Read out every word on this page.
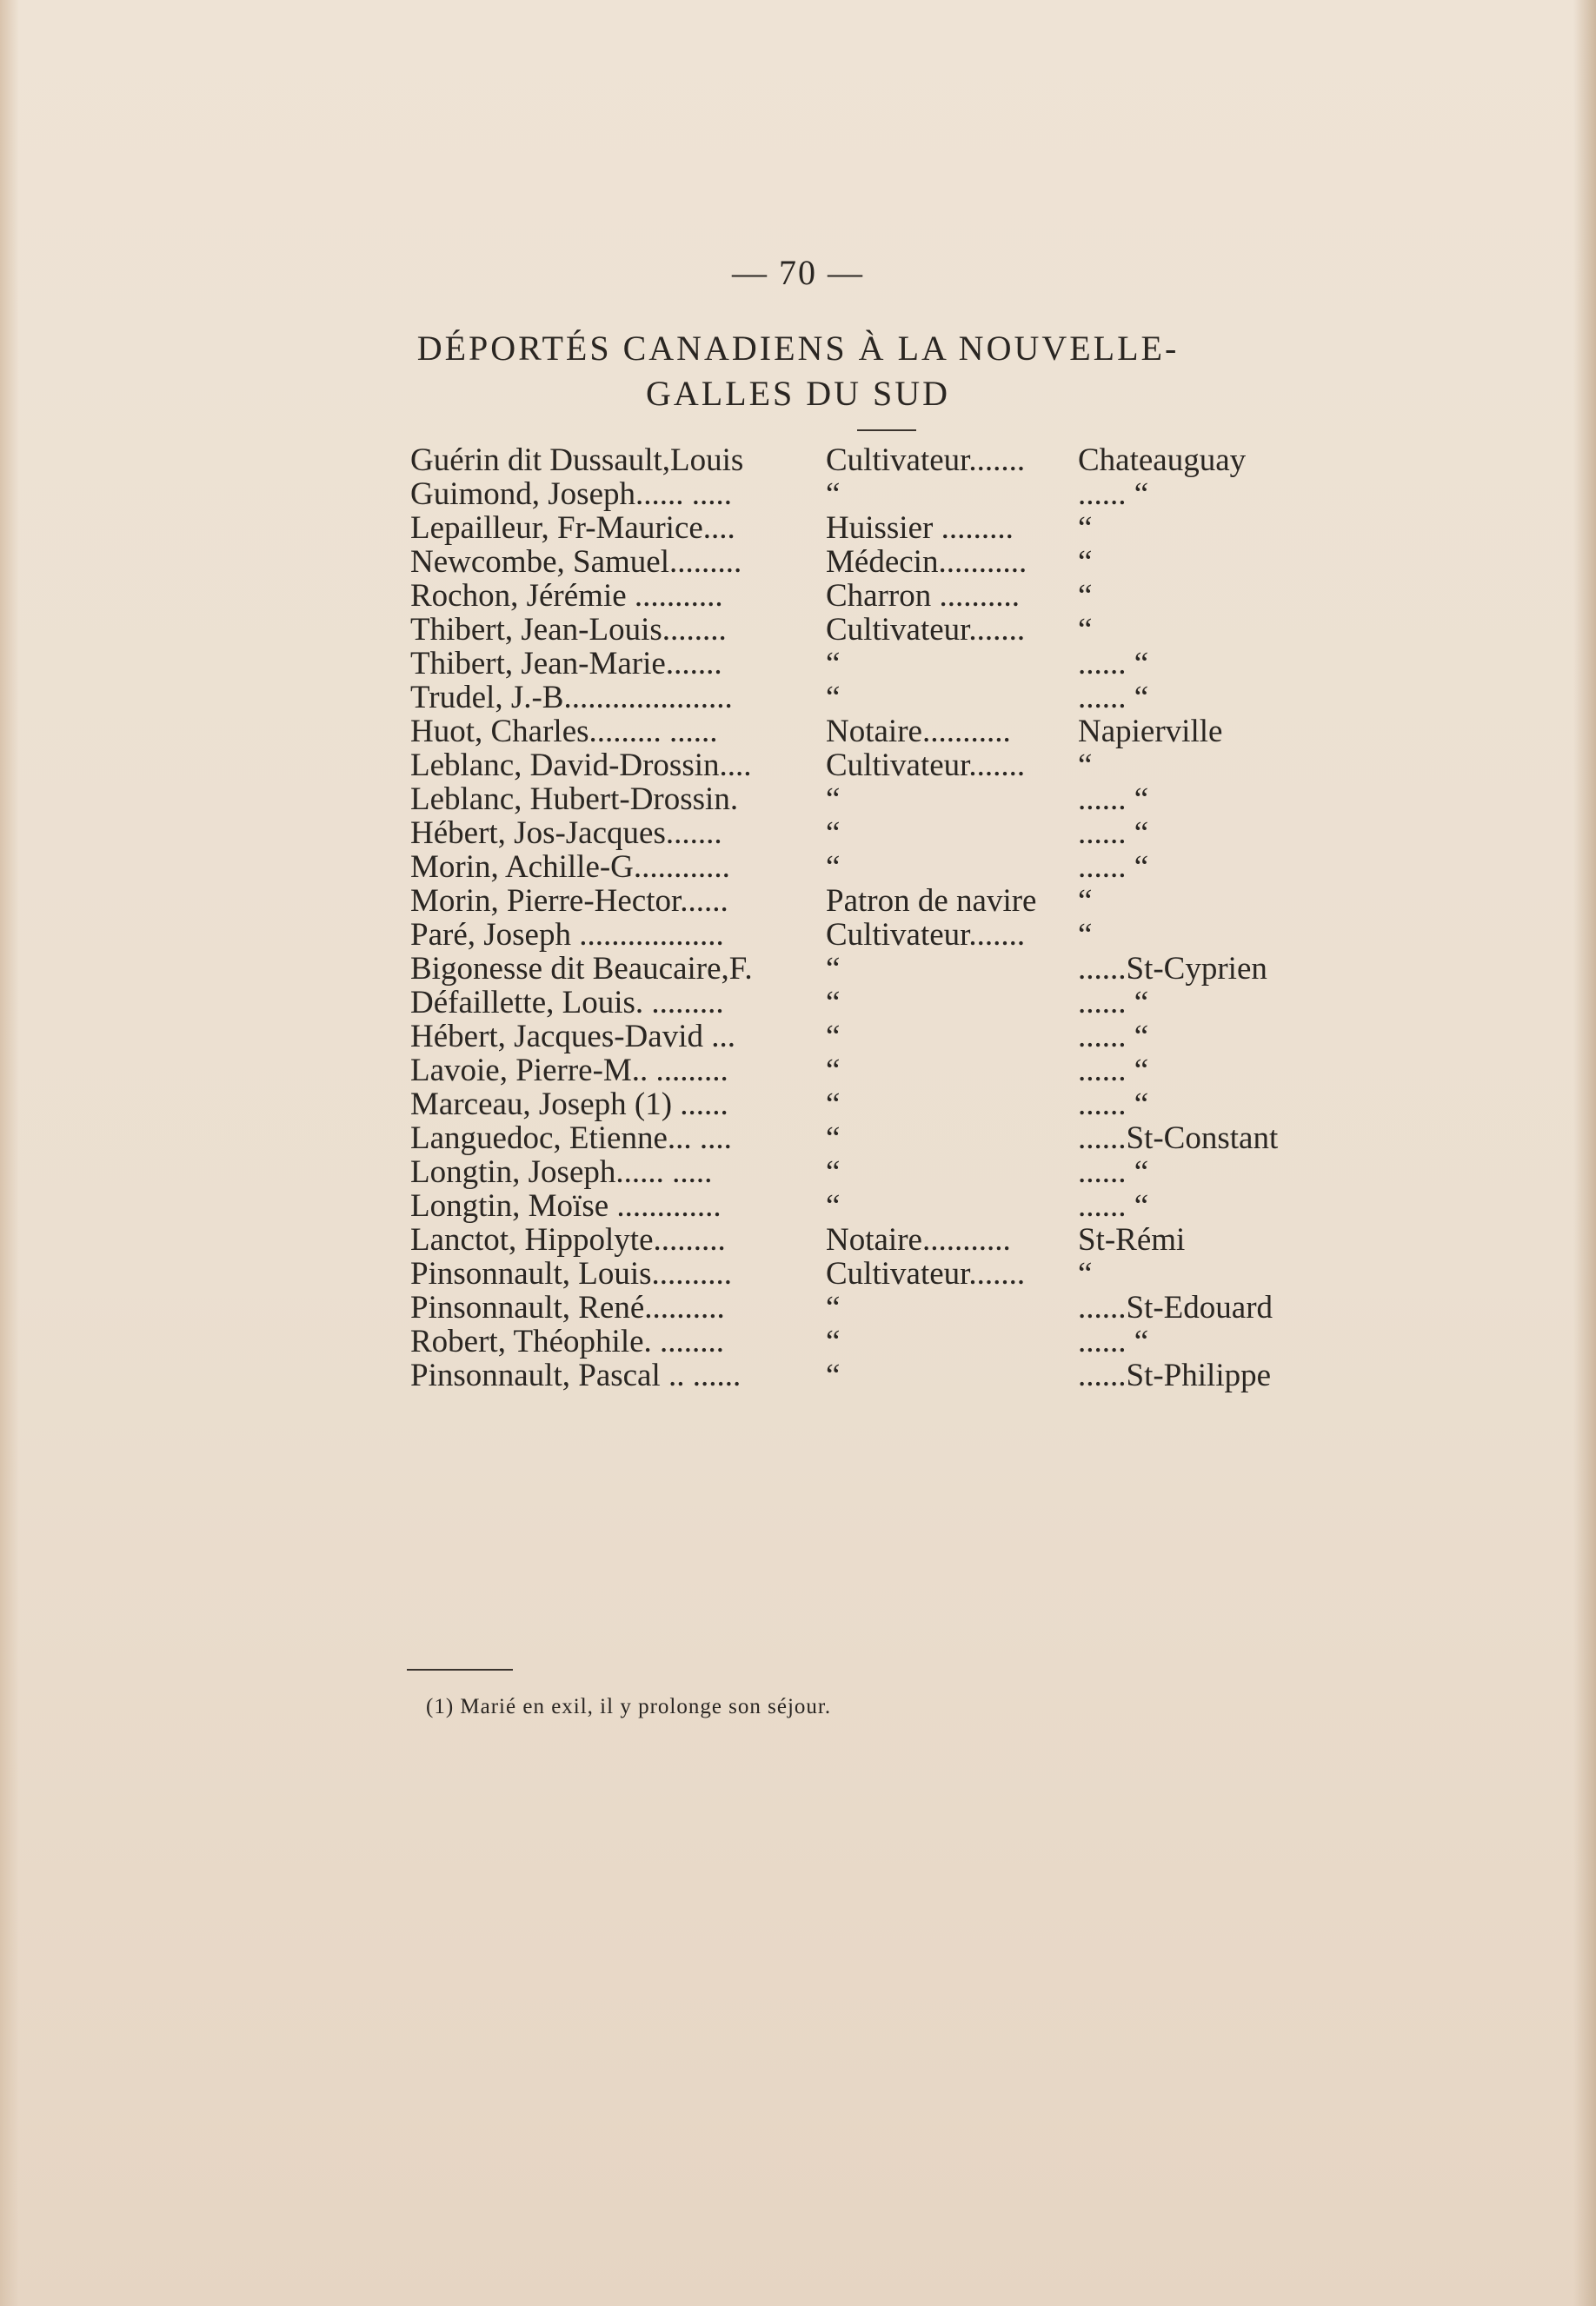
— 70 —
DÉPORTÉS CANADIENS À LA NOUVELLE-
GALLES DU SUD
Guérin dit Dussault,Louis	Cultivateur.......	Chateauguay
Guimond, Joseph...... .....	“	...... “
Lepailleur, Fr-Maurice....	Huissier .........	“
Newcombe, Samuel.........	Médecin...........	“
Rochon, Jérémie ...........	Charron ..........	“
Thibert, Jean-Louis........	Cultivateur.......	“
Thibert, Jean-Marie.......	“	...... “
Trudel, J.-B.....................	“	...... “
Huot, Charles......... ......	Notaire...........	Napierville
Leblanc, David-Drossin....	Cultivateur.......	“
Leblanc, Hubert-Drossin.	“	...... “
Hébert, Jos-Jacques.......	“	...... “
Morin, Achille-G............	“	...... “
Morin, Pierre-Hector......	Patron de navire	“
Paré, Joseph ..................	Cultivateur.......	“
Bigonesse dit Beaucaire,F.	“	......St-Cyprien
Défaillette, Louis. .........	“	...... “
Hébert, Jacques-David ...	“	...... “
Lavoie, Pierre-M.. .........	“	...... “
Marceau, Joseph (1) ......	“	...... “
Languedoc, Etienne... ....	“	......St-Constant
Longtin, Joseph...... .....	“	...... “
Longtin, Moïse .............	“	...... “
Lanctot, Hippolyte.........	Notaire...........	St-Rémi
Pinsonnault, Louis..........	Cultivateur.......	“
Pinsonnault, René..........	“	......St-Edouard
Robert, Théophile. ........	“	...... “
Pinsonnault, Pascal .. ......	“	......St-Philippe
(1) Marié en exil, il y prolonge son séjour.
